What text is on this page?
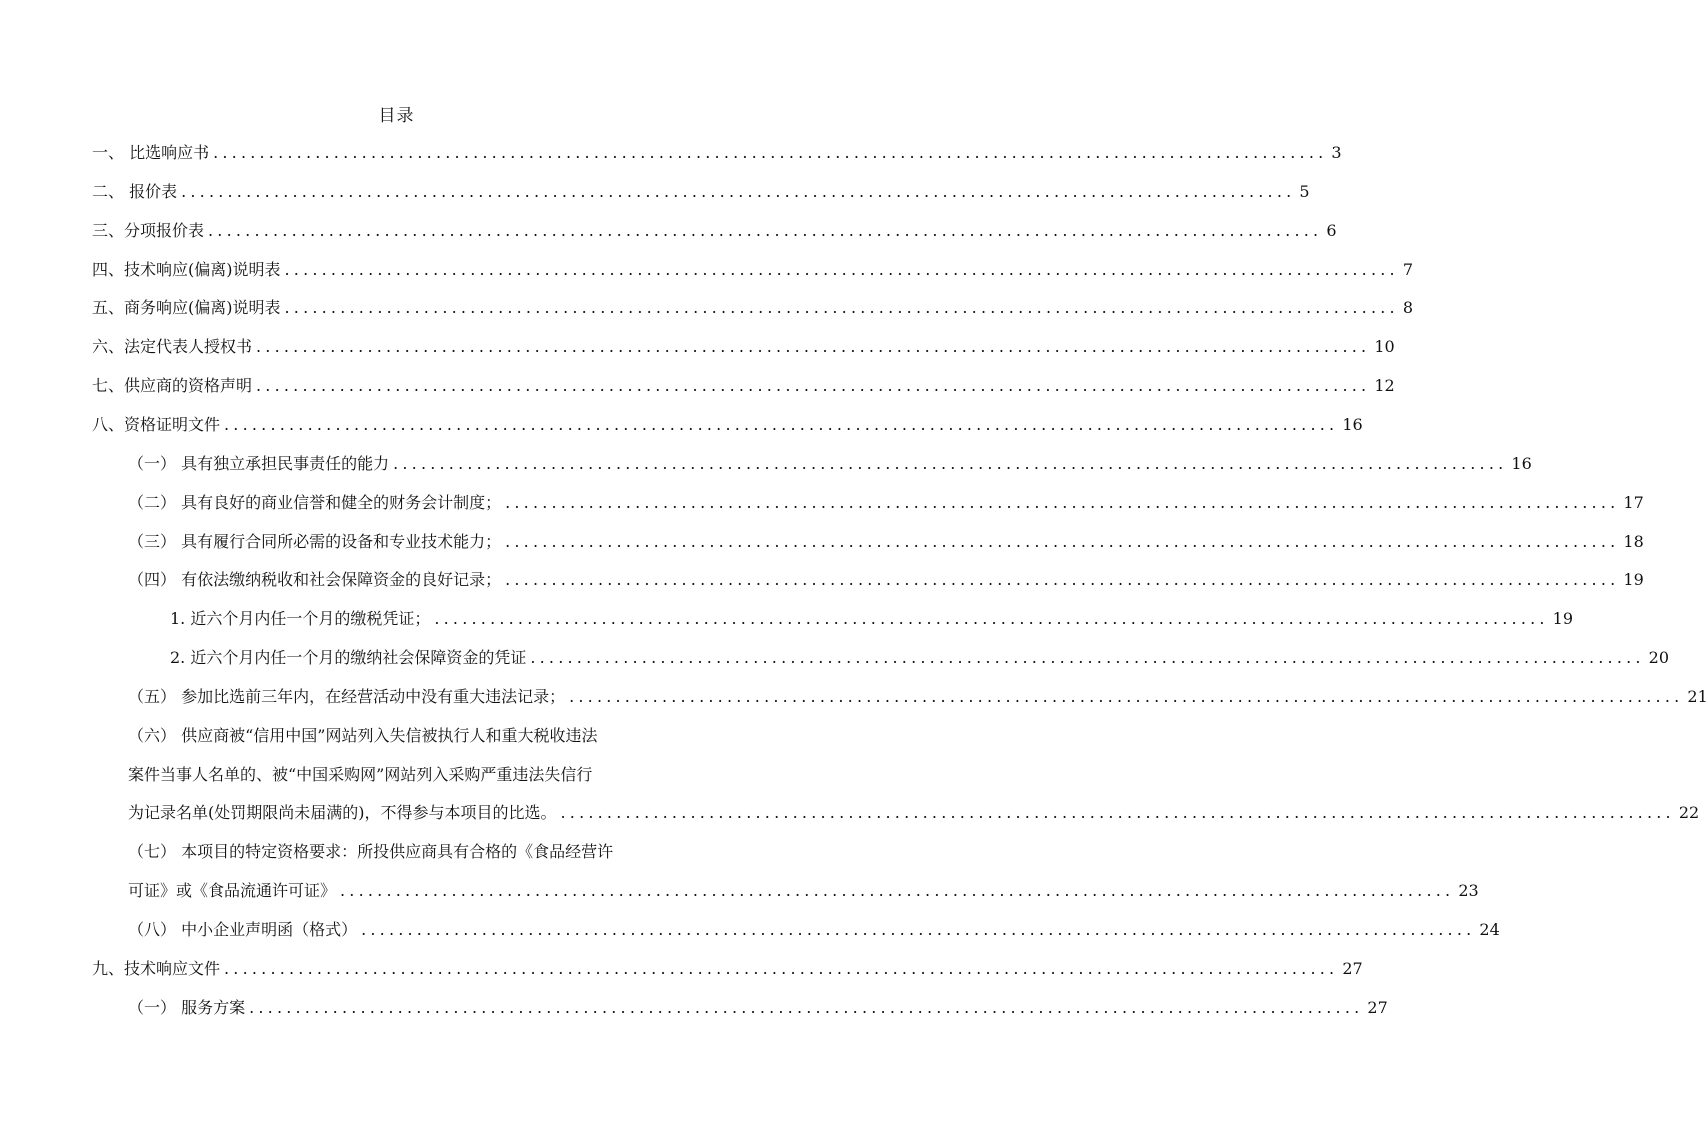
目录
一、 比选响应书 ........................................................................................................................ 3
二、 报价表 ........................................................................................................................ 5
三、分项报价表 ........................................................................................................................ 6
四、技术响应(偏离)说明表 ........................................................................................................................ 7
五、商务响应(偏离)说明表 ........................................................................................................................ 8
六、法定代表人授权书 ........................................................................................................................ 10
七、供应商的资格声明 ........................................................................................................................ 12
八、资格证明文件 ........................................................................................................................ 16
（一） 具有独立承担民事责任的能力 ........................................................................................................................ 16
（二） 具有良好的商业信誉和健全的财务会计制度； ........................................................................................................................ 17
（三） 具有履行合同所必需的设备和专业技术能力； ........................................................................................................................ 18
（四） 有依法缴纳税收和社会保障资金的良好记录； ........................................................................................................................ 19
1. 近六个月内任一个月的缴税凭证； ........................................................................................................................ 19
2. 近六个月内任一个月的缴纳社会保障资金的凭证 ........................................................................................................................ 20
（五） 参加比选前三年内，在经营活动中没有重大违法记录； ........................................................................................................................ 21
（六） 供应商被“信用中国”网站列入失信被执行人和重大税收违法
案件当事人名单的、被“中国采购网”网站列入采购严重违法失信行
为记录名单(处罚期限尚未届满的)，不得参与本项目的比选。 ........................................................................................................................ 22
（七） 本项目的特定资格要求：所投供应商具有合格的《食品经营许
可证》或《食品流通许可证》 ........................................................................................................................ 23
（八） 中小企业声明函（格式） ........................................................................................................................ 24
九、技术响应文件 ........................................................................................................................ 27
（一） 服务方案 ........................................................................................................................ 27
